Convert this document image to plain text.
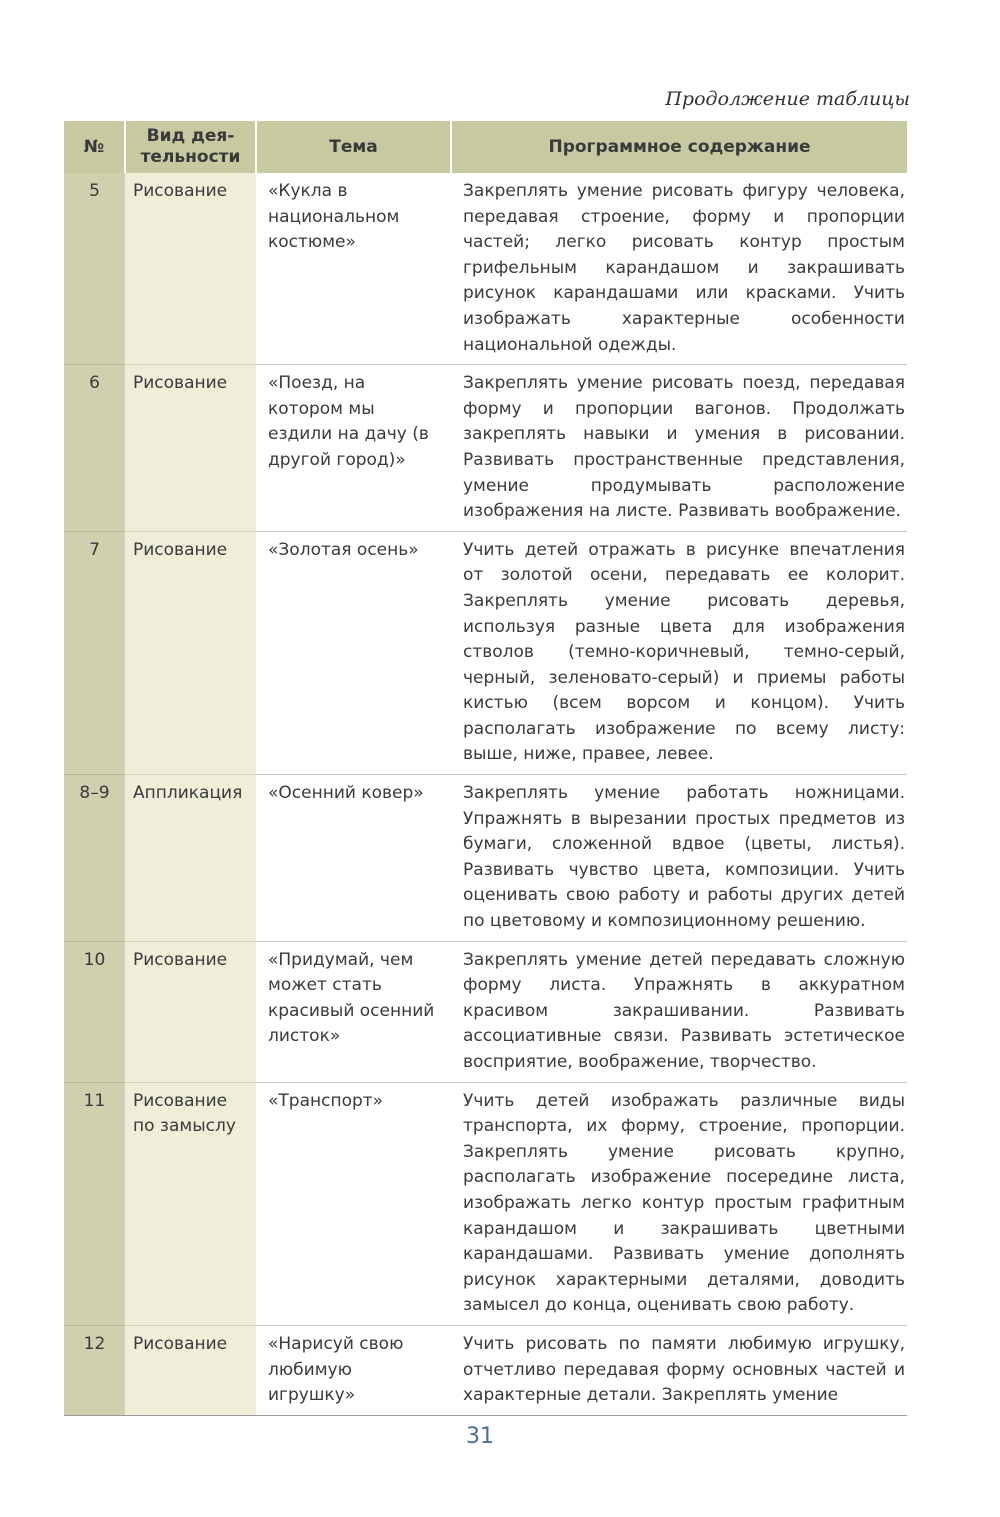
Продолжение таблицы
№	Вид дея-тельности	Тема	Программное содержание
5	Рисование	«Кукла в национальном костюме»	Закреплять умение рисовать фигуру человека, передавая строение, форму и пропорции частей; легко рисовать контур простым грифельным карандашом и закрашивать рисунок карандашами или красками. Учить изображать характерные особенности национальной одежды.
6	Рисование	«Поезд, на котором мы ездили на дачу (в другой город)»	Закреплять умение рисовать поезд, передавая форму и пропорции вагонов. Продолжать закреплять навыки и умения в рисовании. Развивать пространственные представления, умение продумывать расположение изображения на листе. Развивать воображение.
7	Рисование	«Золотая осень»	Учить детей отражать в рисунке впечатления от золотой осени, передавать ее колорит. Закреплять умение рисовать деревья, используя разные цвета для изображения стволов (темно-коричневый, темно-серый, черный, зеленовато-серый) и приемы работы кистью (всем ворсом и концом). Учить располагать изображение по всему листу: выше, ниже, правее, левее.
8–9	Аппликация	«Осенний ковер»	Закреплять умение работать ножницами. Упражнять в вырезании простых предметов из бумаги, сложенной вдвое (цветы, листья). Развивать чувство цвета, композиции. Учить оценивать свою работу и работы других детей по цветовому и композиционному решению.
10	Рисование	«Придумай, чем может стать красивый осенний листок»	Закреплять умение детей передавать сложную форму листа. Упражнять в аккуратном красивом закрашивании. Развивать ассоциативные связи. Развивать эстетическое восприятие, воображение, творчество.
11	Рисование по замыслу	«Транспорт»	Учить детей изображать различные виды транспорта, их форму, строение, пропорции. Закреплять умение рисовать крупно, располагать изображение посередине листа, изображать легко контур простым графитным карандашом и закрашивать цветными карандашами. Развивать умение дополнять рисунок характерными деталями, доводить замысел до конца, оценивать свою работу.
12	Рисование	«Нарисуй свою любимую игрушку»	Учить рисовать по памяти любимую игрушку, отчетливо передавая форму основных частей и характерные детали. Закреплять умение
31
